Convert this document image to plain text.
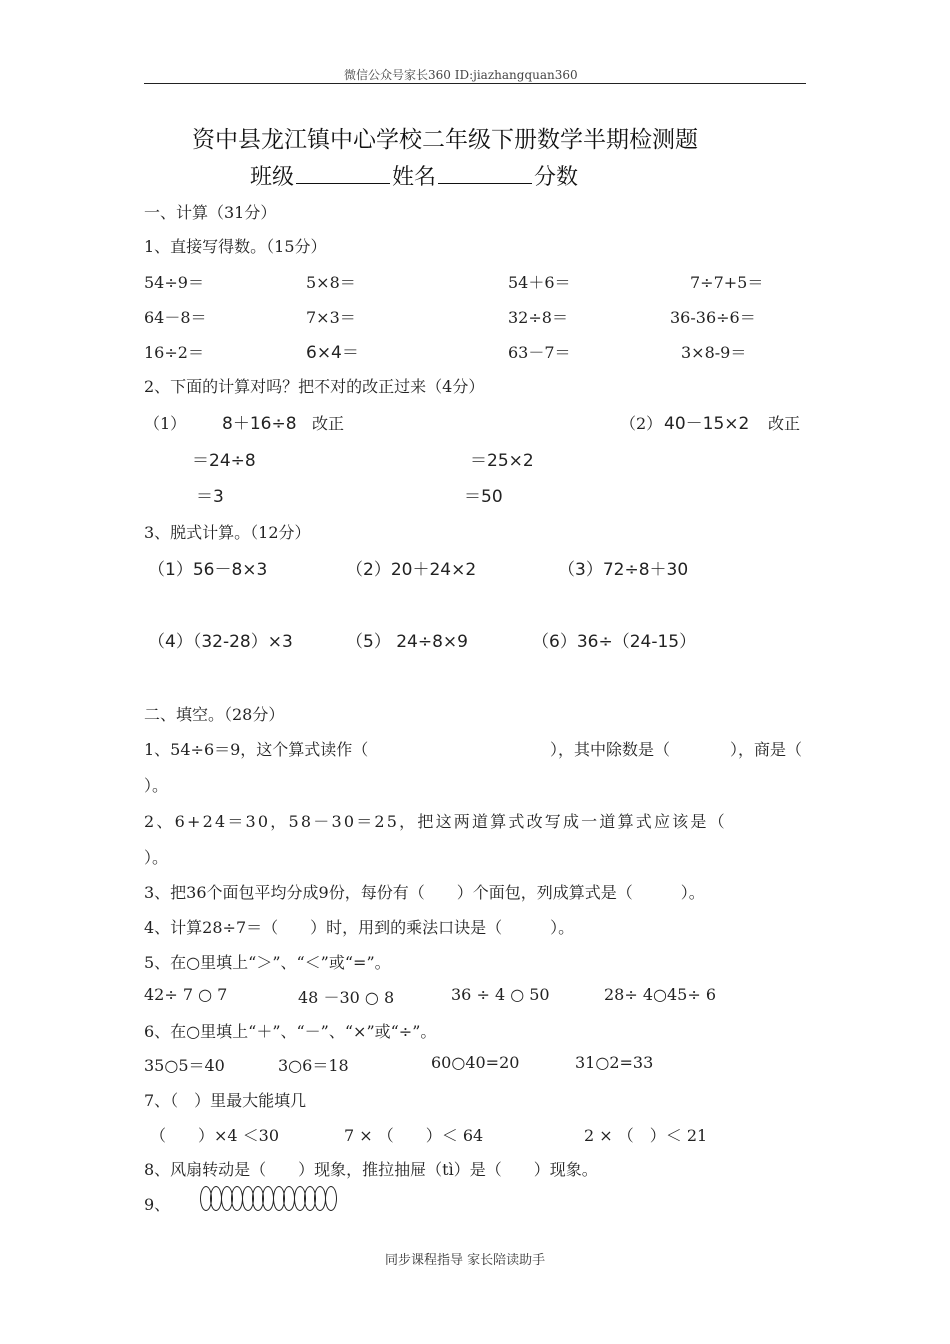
微信公众号家长360 ID:jiazhangquan360
资中县龙江镇中心学校二年级下册数学半期检测题
班级	姓名	分数
一、计算（31分）
1、直接写得数。（15分）
54÷9＝	5×8＝	54＋6＝	7÷7+5＝
64－8＝	7×3＝	32÷8＝	36-36÷6＝
16÷2＝	6×4＝	63－7＝	3×8-9＝
2、下面的计算对吗？把不对的改正过来（4分）
（1） 8＋16÷8 改正	（2） 40－15×2 改正
＝24÷8	＝25×2
＝3	＝50
3、脱式计算。（12分）
（1）56－8×3	（2）20＋24×2	（3）72÷8＋30
（4）（32-28）×3	（5） 24÷8×9	（6）36÷（24-15）
二、填空。（28分）
1、54÷6＝9，这个算式读作（	），其中除数是（	），商是（
）。
2、6+24＝30，58－30＝25，把这两道算式改写成一道算式应该是（
）。
3、把36个面包平均分成9份，每份有（　　）个面包，列成算式是（　　　）。
4、计算28÷7＝（　　）时，用到的乘法口诀是（　　　）。
5、在○里填上“＞”、“＜”或“=”。
42÷ 7 ○ 7	48 －30 ○ 8	36 ÷ 4 ○ 50	28÷ 4○45÷ 6
6、在○里填上“＋”、“－”、“×”或“÷”。
35○5＝40	3○6＝18	60○40=20	31○2=33
7、（　）里最大能填几
（　　）×4 ＜30	7 × （　　）＜ 64	2 × （　）＜ 21
8、风扇转动是（　　）现象，推拉抽屉（tì）是（　　）现象。
9、
同步课程指导 家长陪读助手
